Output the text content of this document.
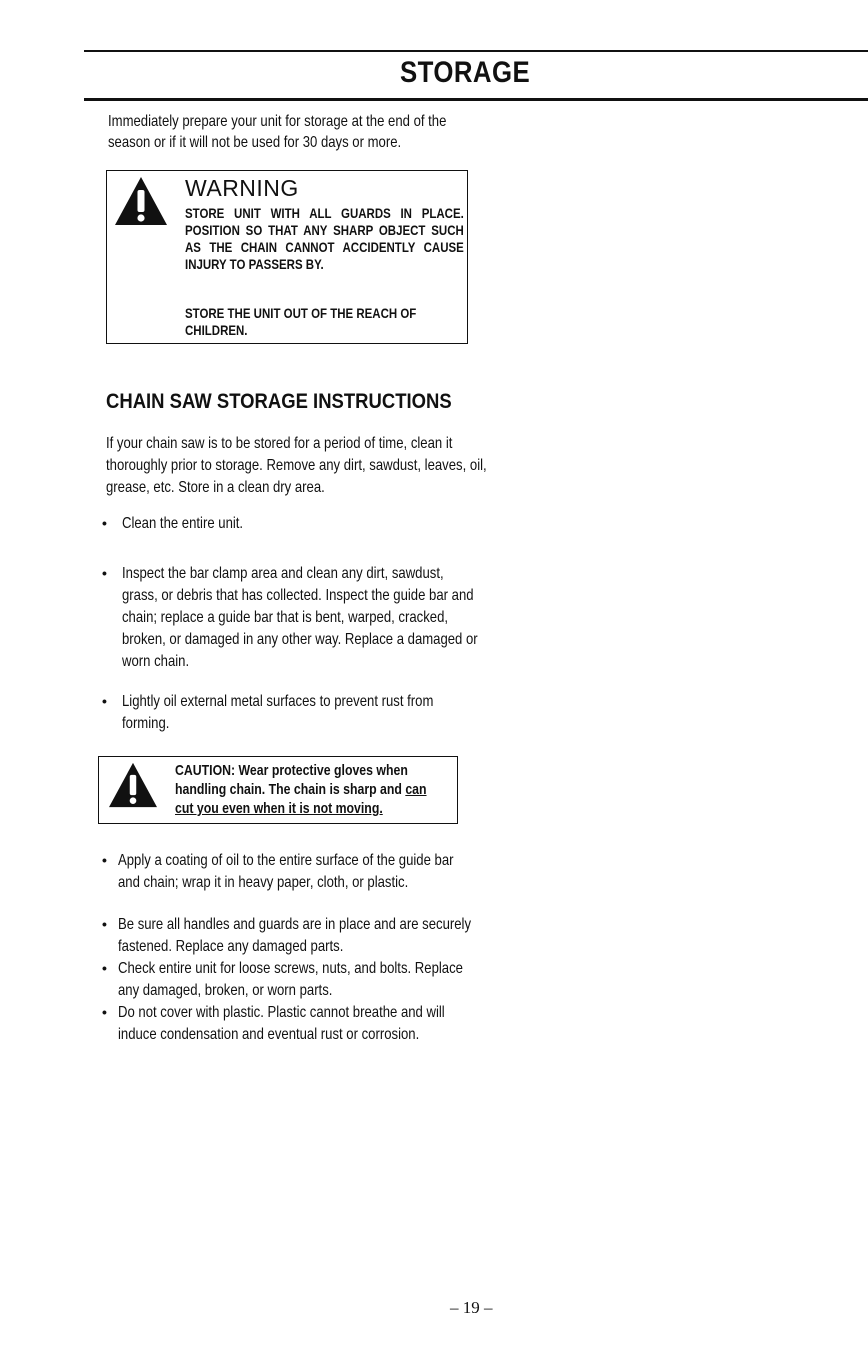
STORAGE
Immediately prepare your unit for storage at the end of the season or if it will not be used for 30 days or more.
WARNING
STORE UNIT WITH ALL GUARDS IN PLACE. POSITION SO THAT ANY SHARP OBJECT SUCH AS THE CHAIN CANNOT ACCIDENTLY CAUSE INJURY TO PASSERS BY.
STORE THE UNIT OUT OF THE REACH OF CHILDREN.
CHAIN SAW STORAGE INSTRUCTIONS
If your chain saw is to be stored for a period of time, clean it thoroughly prior to storage. Remove any dirt, sawdust, leaves, oil, grease, etc. Store in a clean dry area.
• Clean the entire unit.
• Inspect the bar clamp area and clean any dirt, sawdust, grass, or debris that has collected. Inspect the guide bar and chain; replace a guide bar that is bent, warped, cracked, broken, or damaged in any other way. Replace a damaged or worn chain.
• Lightly oil external metal surfaces to prevent rust from forming.
CAUTION: Wear protective gloves when handling chain. The chain is sharp and can cut you even when it is not moving.
• Apply a coating of oil to the entire surface of the guide bar and chain; wrap it in heavy paper, cloth, or plastic.
• Be sure all handles and guards are in place and are securely fastened. Replace any damaged parts.
• Check entire unit for loose screws, nuts, and bolts. Replace any damaged, broken, or worn parts.
• Do not cover with plastic. Plastic cannot breathe and will induce condensation and eventual rust or corrosion.
– 19 –
